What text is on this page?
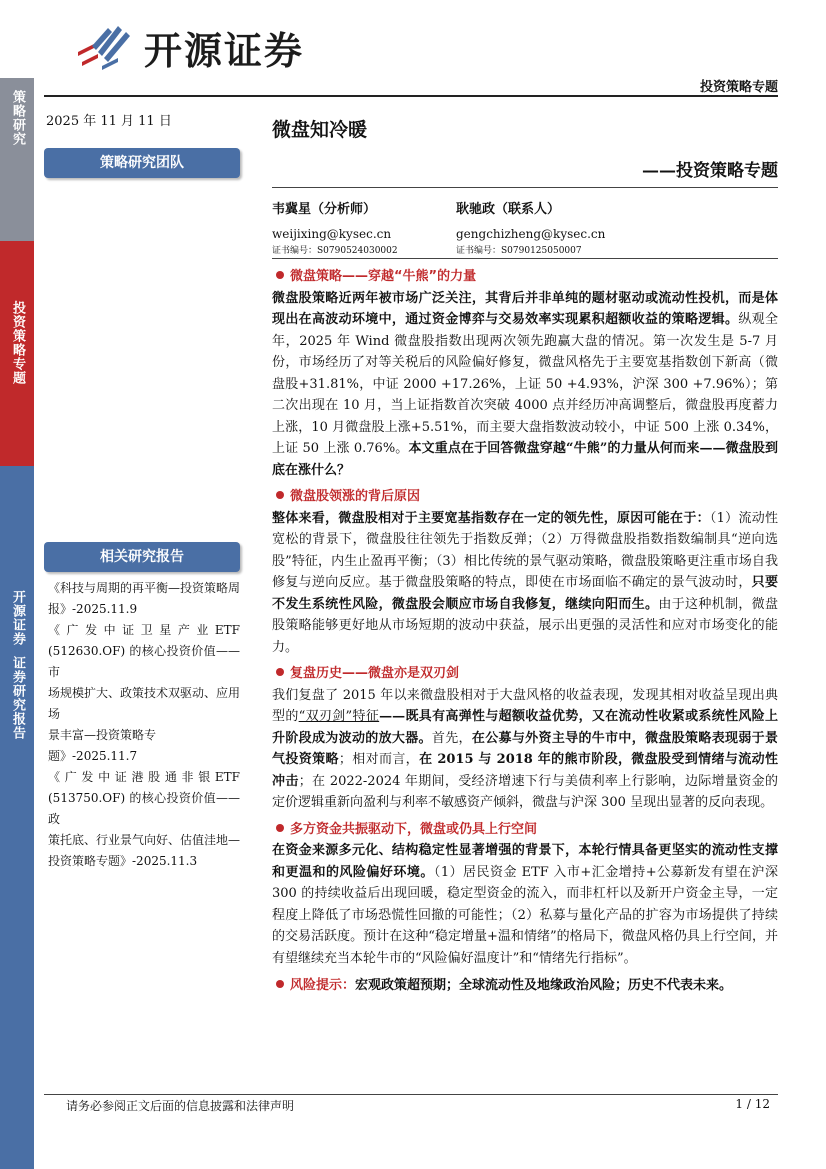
策略研究
投资策略专题
开源证券
证券研究报告
开源证券
投资策略专题
2025 年 11 月 11 日
策略研究团队
相关研究报告
《科技与周期的再平衡—投资策略周
报》-2025.11.9
《 广 发 中 证 卫 星 产 业 ETF
(512630.OF) 的核心投资价值——市
场规模扩大、政策技术双驱动、应用场
景丰富—投资策略专题》-2025.11.7
《 广 发 中 证 港 股 通 非 银 ETF
(513750.OF) 的核心投资价值——政
策托底、行业景气向好、估值洼地—
投资策略专题》-2025.11.3
微盘知冷暖
——投资策略专题
韦冀星（分析师）
weijixing@kysec.cn
证书编号：S0790524030002
耿驰政（联系人）
gengchizheng@kysec.cn
证书编号：S0790125050007
微盘策略——穿越“牛熊”的力量
微盘股策略近两年被市场广泛关注，其背后并非单纯的题材驱动或流动性投机，而是体现出在高波动环境中，通过资金博弈与交易效率实现累积超额收益的策略逻辑。纵观全年，2025 年 Wind 微盘股指数出现两次领先跑赢大盘的情况。第一次发生是 5-7 月份，市场经历了对等关税后的风险偏好修复，微盘风格先于主要宽基指数创下新高（微盘股+31.81%，中证 2000 +17.26%，上证 50 +4.93%，沪深 300 +7.96%）；第二次出现在 10 月，当上证指数首次突破 4000 点并经历冲高调整后，微盘股再度蓄力上涨，10 月微盘股上涨+5.51%，而主要大盘指数波动较小，中证 500 上涨 0.34%，上证 50 上涨 0.76%。本文重点在于回答微盘穿越“牛熊”的力量从何而来——微盘股到底在涨什么？
微盘股领涨的背后原因
整体来看，微盘股相对于主要宽基指数存在一定的领先性，原因可能在于：（1）流动性宽松的背景下，微盘股往往领先于指数反弹；（2）万得微盘股指数指数编制具“逆向选股”特征，内生止盈再平衡；（3）相比传统的景气驱动策略，微盘股策略更注重市场自我修复与逆向反应。基于微盘股策略的特点，即使在市场面临不确定的景气波动时，只要不发生系统性风险，微盘股会顺应市场自我修复，继续向阳而生。由于这种机制，微盘股策略能够更好地从市场短期的波动中获益，展示出更强的灵活性和应对市场变化的能力。
复盘历史——微盘亦是双刃剑
我们复盘了 2015 年以来微盘股相对于大盘风格的收益表现，发现其相对收益呈现出典型的“双刃剑”特征——既具有高弹性与超额收益优势，又在流动性收紧或系统性风险上升阶段成为波动的放大器。首先，在公募与外资主导的牛市中，微盘股策略表现弱于景气投资策略；相对而言，在 2015 与 2018 年的熊市阶段，微盘股受到情绪与流动性冲击；在 2022-2024 年期间，受经济增速下行与美债利率上行影响，边际增量资金的定价逻辑重新向盈利与利率不敏感资产倾斜，微盘与沪深 300 呈现出显著的反向表现。
多方资金共振驱动下，微盘或仍具上行空间
在资金来源多元化、结构稳定性显著增强的背景下，本轮行情具备更坚实的流动性支撑和更温和的风险偏好环境。（1）居民资金 ETF 入市+汇金增持+公募新发有望在沪深 300 的持续收益后出现回暖，稳定型资金的流入，而非杠杆以及新开户资金主导，一定程度上降低了市场恐慌性回撤的可能性；（2）私募与量化产品的扩容为市场提供了持续的交易活跃度。预计在这种“稳定增量+温和情绪”的格局下，微盘风格仍具上行空间，并有望继续充当本轮牛市的“风险偏好温度计”和“情绪先行指标”。
风险提示：宏观政策超预期；全球流动性及地缘政治风险；历史不代表未来。
请务必参阅正文后面的信息披露和法律声明	1 / 12
